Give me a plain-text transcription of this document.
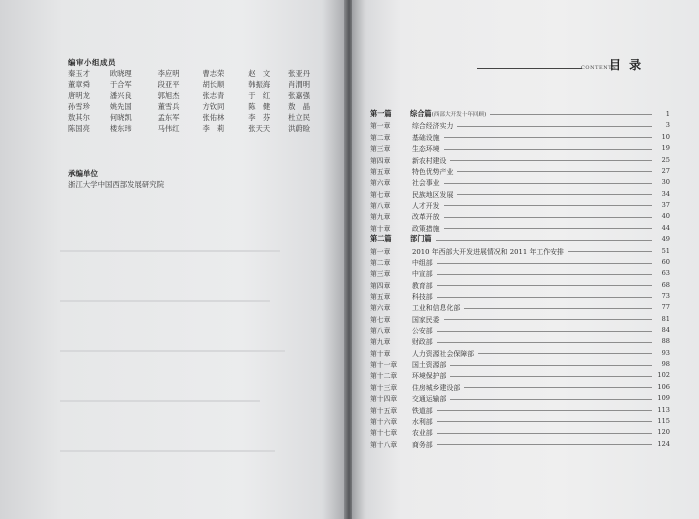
编审小组成员
秦玉才	欧晓理	李应明	曹志荣	赵　文	张亚丹
董章舜	于合军	段亚平	胡长顺	韩振海	肖渭明
唐明龙	潘兴良	郭旭杰	张志青	于　红	张嘉强
孙雪珍	姚先国	董雪兵	方钦同	陈　健	敖　晶
敖其尔	何晓凯	孟东军	张佑林	李　芬	杜立民
陈国亮	楼东玮	马伟红	李　莉	张天天	洪蔚睑
承编单位
浙江大学中国西部发展研究院
CONTENTS
目 录
第一篇	综合篇(西部大开发十年回顾)	1
第一章	综合经济实力	3
第二章	基础设施	10
第三章	生态环境	19
第四章	新农村建设	25
第五章	特色优势产业	27
第六章	社会事业	30
第七章	民族地区发展	34
第八章	人才开发	37
第九章	改革开放	40
第十章	政策措施	44
第二篇	部门篇	49
第一章	2010 年西部大开发进展情况和 2011 年工作安排	51
第二章	中组部	60
第三章	中宣部	63
第四章	教育部	68
第五章	科技部	73
第六章	工业和信息化部	77
第七章	国家民委	81
第八章	公安部	84
第九章	财政部	88
第十章	人力资源社会保障部	93
第十一章	国土资源部	98
第十二章	环境保护部	102
第十三章	住房城乡建设部	106
第十四章	交通运输部	109
第十五章	铁道部	113
第十六章	水利部	115
第十七章	农业部	120
第十八章	商务部	124
